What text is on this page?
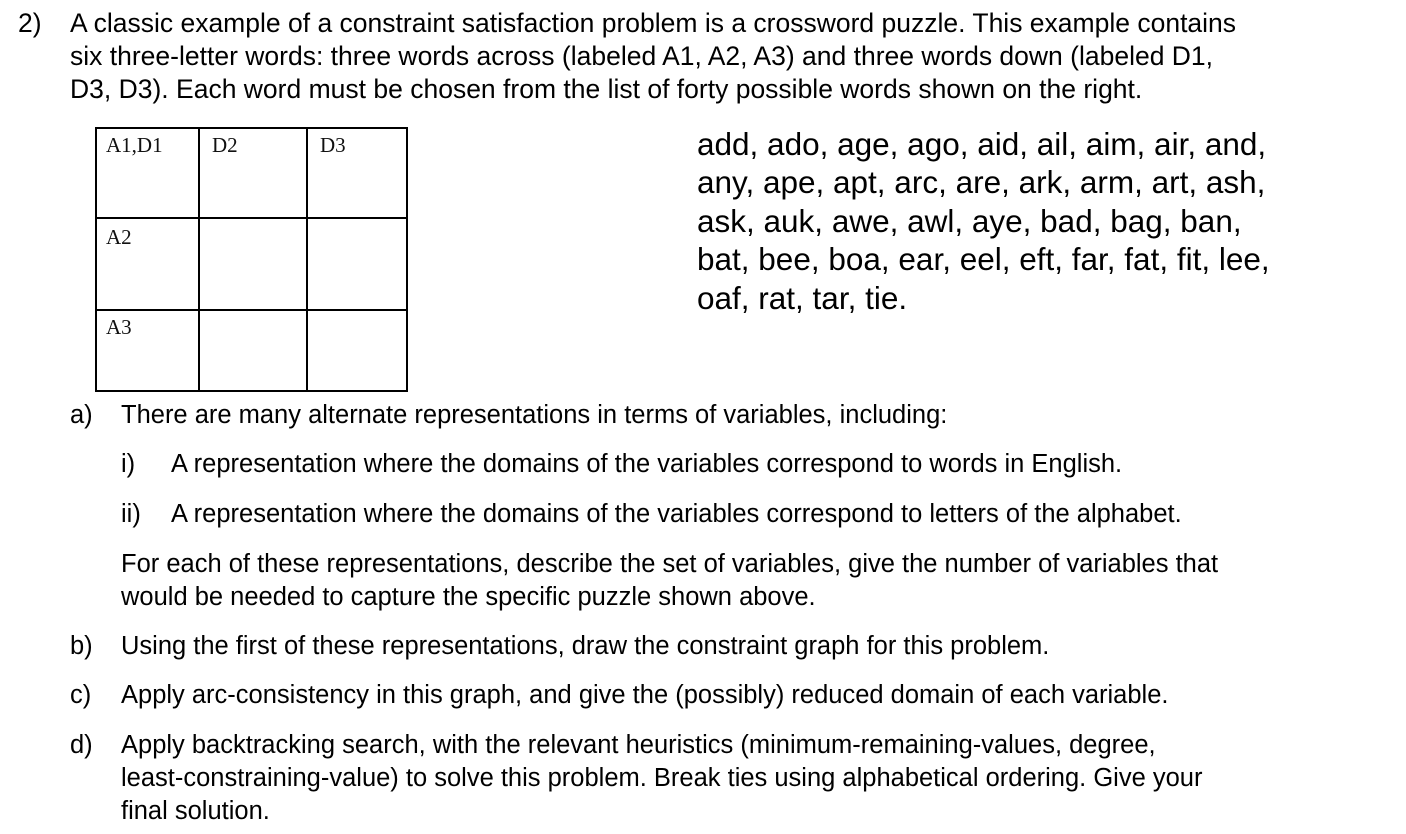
2) A classic example of a constraint satisfaction problem is a crossword puzzle. This example contains
six three-letter words: three words across (labeled A1, A2, A3) and three words down (labeled D1,
D3, D3). Each word must be chosen from the list of forty possible words shown on the right.
A1,D1 D2	D3
A2
A3
add, ado, age, ago, aid, ail, aim, air, and,
any, ape, apt, arc, are, ark, arm, art, ash,
ask, auk, awe, awl, aye, bad, bag, ban,
bat, bee, boa, ear, eel, eft, far, fat, fit, lee,
oaf, rat, tar, tie.
a) There are many alternate representations in terms of variables, including:
i) A representation where the domains of the variables correspond to words in English.
ii) A representation where the domains of the variables correspond to letters of the alphabet.
For each of these representations, describe the set of variables, give the number of variables that
would be needed to capture the specific puzzle shown above.
b) Using the first of these representations, draw the constraint graph for this problem.
c) Apply arc-consistency in this graph, and give the (possibly) reduced domain of each variable.
d) Apply backtracking search, with the relevant heuristics (minimum-remaining-values, degree,
least-constraining-value) to solve this problem. Break ties using alphabetical ordering. Give your
final solution.
